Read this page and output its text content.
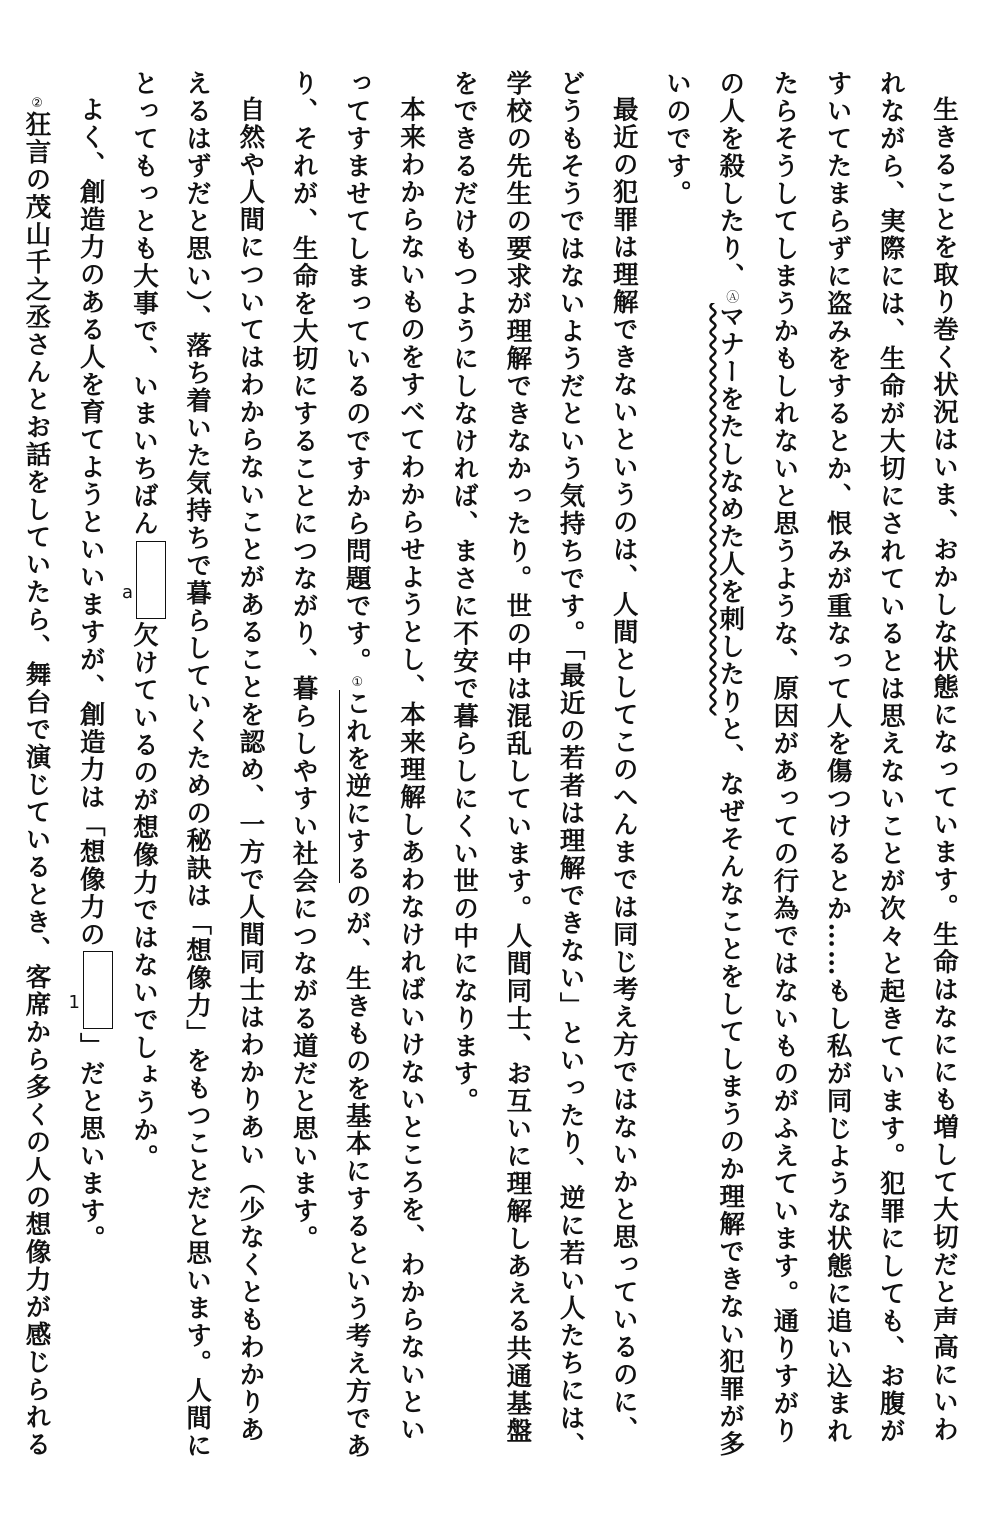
生きることを取り巻く状況はいま、おかしな状態になっています。生命はなににも増して大切だと声高にいわれながら、実際には、生命が大切にされているとは思えないことが次々と起きています。犯罪にしても、お腹がすいてたまらずに盗みをするとか、恨みが重なって人を傷つけるとか……もし私が同じような状態に追い込まれたらそうしてしまうかもしれないと思うような、原因があっての行為ではないものがふえています。通りすがりの人を殺したり、Ⓐマナーをたしなめた人を刺したりと、なぜそんなことをしてしまうのか理解できない犯罪が多いのです。

最近の犯罪は理解できないというのは、人間としてこのへんまでは同じ考え方ではないかと思っているのに、どうもそうではないようだという気持ちです。「最近の若者は理解できない」といったり、逆に若い人たちには、学校の先生の要求が理解できなかったり。世の中は混乱しています。人間同士、お互いに理解しあえる共通基盤をできるだけもつようにしなければ、まさに不安で暮らしにくい世の中になります。

本来わからないものをすべてわからせようとし、本来理解しあわなければいけないところを、わからないといってすませてしまっているのですから問題です。①これを逆にするのが、生きものを基本にするという考え方であり、それが、生命を大切にすることにつながり、暮らしやすい社会につながる道だと思います。

自然や人間についてはわからないことがあることを認め、一方で人間同士はわかりあい（少なくともわかりあえるはずだと思い）、落ち着いた気持ちで暮らしていくための秘訣は「想像力」をもつことだと思います。人間にとってもっとも大事で、いまいちばんa欠けているのが想像力ではないでしょうか。

よく、創造力のある人を育てようといいますが、創造力は「想像力の1」だと思います。

②狂言の茂山千之丞さんとお話をしていたら、舞台で演じているとき、客席から多くの人の想像力が感じられる
